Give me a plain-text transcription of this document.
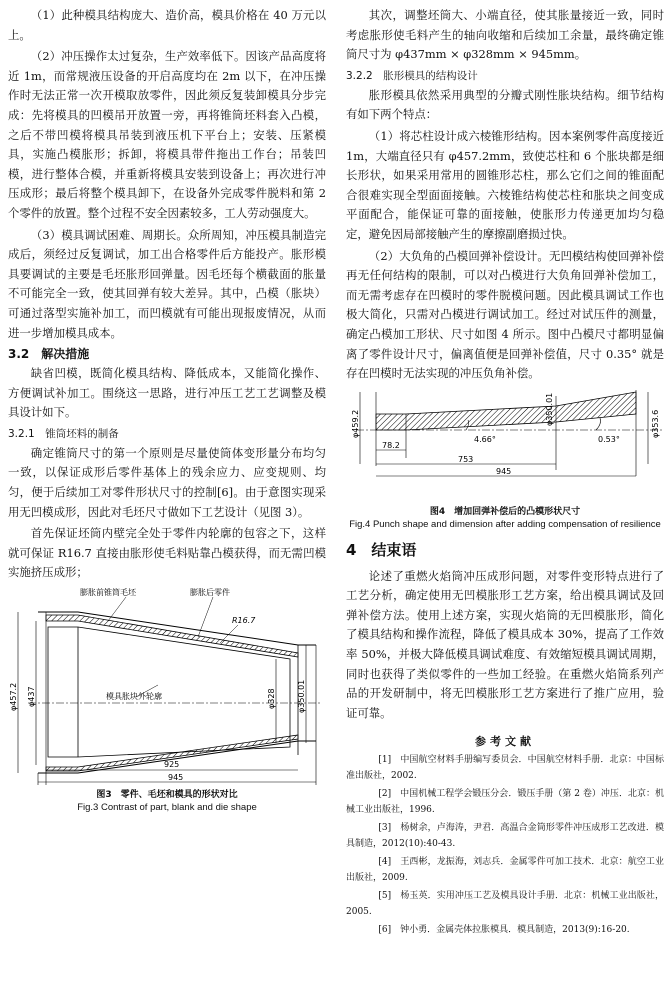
（1）此种模具结构庞大、造价高，模具价格在 40 万元以上。

（2）冲压操作太过复杂，生产效率低下。因该产品高度将近 1m，而常规液压设备的开启高度均在 2m 以下，在冲压操作时无法正常一次开模取放零件，因此须反复装卸模具分步完成：先将模具的凹模吊开放置一旁，再将锥筒坯料套入凸模，之后不带凹模将模具吊装到液压机下平台上；安装、压紧模具，实施凸模胀形；拆卸，将模具带件拖出工作台；吊装凹模，进行整体合模，并重新将模具安装到设备上；再次进行冲压成形；最后将整个模具卸下，在设备外完成零件脱料和第 2 个零件的放置。整个过程不安全因素较多，工人劳动强度大。

（3）模具调试困难、周期长。众所周知，冲压模具制造完成后，须经过反复调试，加工出合格零件后方能投产。胀形模具要调试的主要是毛坯胀形回弹量。因毛坯每个横截面的胀量不可能完全一致，使其回弹有较大差异。其中，凸模（胀块）可通过落型实施补加工，而凹模就有可能出现报废情况，从而进一步增加模具成本。

3.2　解决措施

缺省凹模，既简化模具结构、降低成本，又能简化操作、方便调试补加工。围绕这一思路，进行冲压工艺工艺调整及模具设计如下。

3.2.1　锥筒坯料的制备

确定锥筒尺寸的第一个原则是尽量使筒体变形量分布均匀一致，以保证成形后零件基体上的残余应力、应变规则、均匀，便于后续加工对零件形状尺寸的控制[6]。由于意图实现采用无凹模成形，因此对毛坯尺寸做如下工艺设计（见图 3）。

首先保证坯筒内壁完全处于零件内轮廓的包容之下，这样就可保证 R16.7 直接由胀形使毛料贴靠凸模获得，而无需凹模实施挤压成形；

膨胀前锥筒毛坯	膨胀后零件
R16.7
模具胀块外轮廓
φ457.2 φ437	φ328	φ350.01
925
945
图3　零件、毛坯和模具的形状对比
Fig.3 Contrast of part, blank and die shape

其次，调整坯筒大、小端直径，使其胀量接近一致，同时考虑胀形使毛料产生的轴向收缩和后续加工余量，最终确定锥筒尺寸为 φ437mm × φ328mm × 945mm。

3.2.2　胀形模具的结构设计

胀形模具依然采用典型的分瓣式刚性胀块结构。细节结构有如下两个特点：

（1）将芯柱设计成六棱锥形结构。因本案例零件高度接近 1m，大端直径只有 φ457.2mm，致使芯柱和 6 个胀块都是细长形状，如果采用常用的圆锥形芯柱，那么它们之间的锥面配合很难实现全型面面接触。六棱锥结构使芯柱和胀块之间变成平面配合，能保证可靠的面接触，使胀形力传递更加均匀稳定，避免因局部接触产生的摩擦副磨损过快。

（2）大负角的凸模回弹补偿设计。无凹模结构使回弹补偿再无任何结构的限制，可以对凸模进行大负角回弹补偿加工，而无需考虑存在凹模时的零件脱模问题。因此模具调试工作也极大简化，只需对凸模进行调试加工。经过对试压件的测量，确定凸模加工形状、尺寸如图 4 所示。图中凸模尺寸都明显偏离了零件设计尺寸，偏离值便是回弹补偿值，尺寸 0.35° 就是存在凹模时无法实现的冲压负角补偿。

4.66°	0.53°
φ459.2	φ350.01	φ353.6
78.2
753
945
图4　增加回弹补偿后的凸模形状尺寸
Fig.4 Punch shape and dimension after adding compensation of resilience
4　结束语

论述了重燃火焰筒冲压成形问题，对零件变形特点进行了工艺分析，确定使用无凹模胀形工艺方案，给出模具调试及回弹补偿方法。使用上述方案，实现火焰筒的无凹模胀形，简化了模具结构和操作流程，降低了模具成本 30%，提高了工作效率 50%，并极大降低模具调试难度、有效缩短模具调试周期，同时也获得了类似零件的一些加工经验。在重燃火焰筒系列产品的开发研制中，将无凹模胀形工艺方案进行了推广应用，验证可靠。

参考文献

[1]　中国航空材料手册编写委员会．中国航空材料手册．北京：中国标准出版社，2002.

[2]　中国机械工程学会锻压分会．锻压手册（第 2 卷）冲压．北京：机械工业出版社，1996.

[3]　杨树余，卢海涛，尹君．高温合金筒形零件冲压成形工艺改进．模具制造，2012(10):40-43.

[4]　王西彬，龙振海，刘志兵．金属零件可加工技术．北京：航空工业出版社，2009.

[5]　杨玉英．实用冲压工艺及模具设计手册．北京：机械工业出版社，2005.

[6]　钟小勇．金属壳体拉胀模具．模具制造，2013(9):16-20.
